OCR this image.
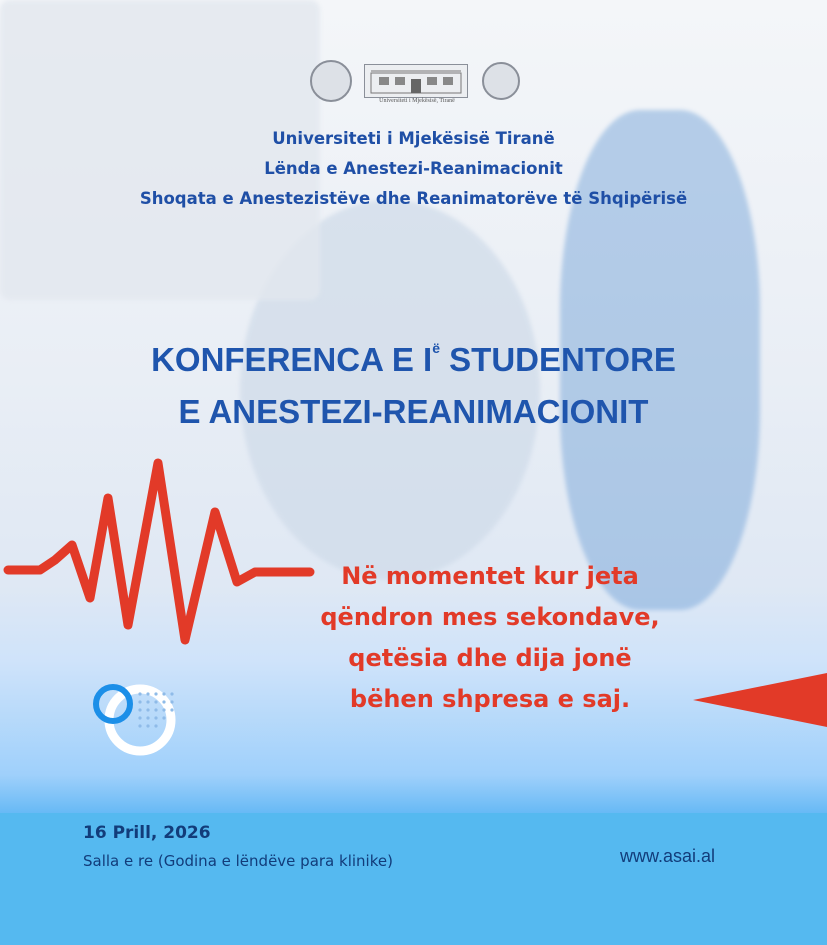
Universiteti i Mjekësisë, Tiranë
Universiteti i Mjekësisë Tiranë
Lënda e Anestezi-Reanimacionit
Shoqata e Anestezistëve dhe Reanimatorëve të Shqipërisë
KONFERENCA E $I^ë$ STUDENTORE
E ANESTEZI-REANIMACIONIT
Në momentet kur jeta
qëndron mes sekondave,
qetësia dhe dija jonë
bëhen shpresa e saj.
16 Prill, 2026
Salla e re (Godina e lëndëve para klinike)	www.asai.al
